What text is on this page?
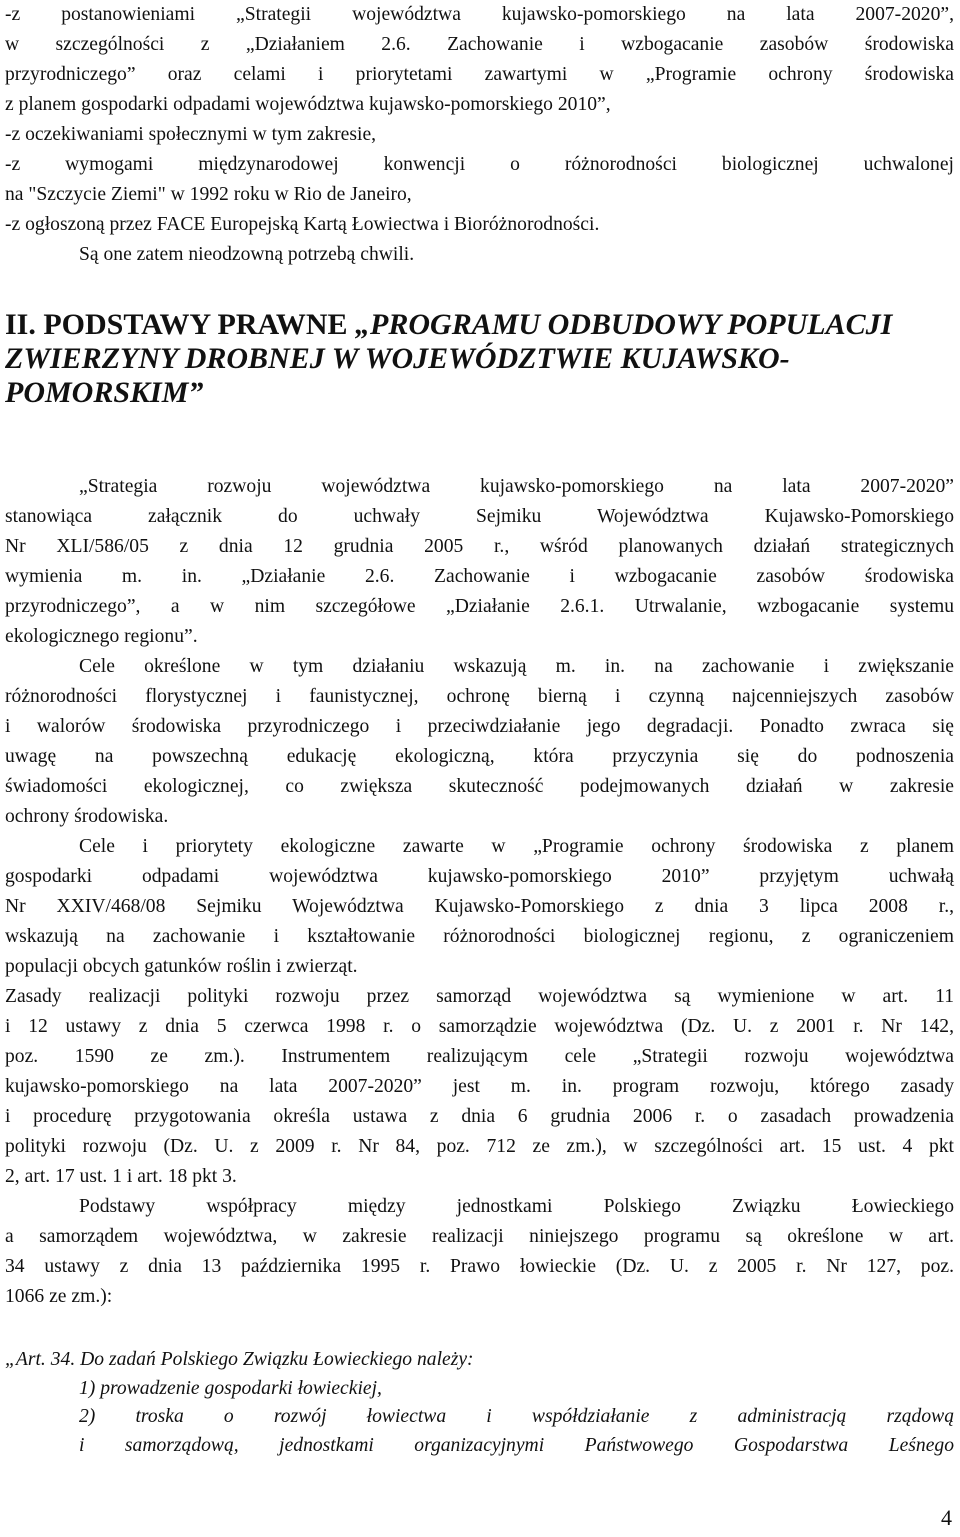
-z postanowieniami „Strategii województwa kujawsko-pomorskiego na lata 2007-2020”,
w szczególności z „Działaniem 2.6. Zachowanie i wzbogacanie zasobów środowiska
przyrodniczego” oraz celami i priorytetami zawartymi w „Programie ochrony środowiska
z planem gospodarki odpadami województwa kujawsko-pomorskiego 2010”,
-z oczekiwaniami społecznymi w tym zakresie,
-z wymogami międzynarodowej konwencji o różnorodności biologicznej uchwalonej
na "Szczycie Ziemi" w 1992 roku w Rio de Janeiro,
-z ogłoszoną przez FACE Europejską Kartą Łowiectwa i Bioróżnorodności.
Są one zatem nieodzowną potrzebą chwili.
II. PODSTAWY PRAWNE „PROGRAMU ODBUDOWY POPULACJI ZWIERZYNY DROBNEJ W WOJEWÓDZTWIE KUJAWSKO-POMORSKIM”
„Strategia rozwoju województwa kujawsko-pomorskiego na lata 2007-2020”
stanowiąca załącznik do uchwały Sejmiku Województwa Kujawsko-Pomorskiego
Nr XLI/586/05 z dnia 12 grudnia 2005 r., wśród planowanych działań strategicznych
wymienia m. in. „Działanie 2.6. Zachowanie i wzbogacanie zasobów środowiska
przyrodniczego”, a w nim szczegółowe „Działanie 2.6.1. Utrwalanie, wzbogacanie systemu
ekologicznego regionu”.
Cele określone w tym działaniu wskazują m. in. na zachowanie i zwiększanie
różnorodności florystycznej i faunistycznej, ochronę bierną i czynną najcenniejszych zasobów
i walorów środowiska przyrodniczego i przeciwdziałanie jego degradacji. Ponadto zwraca się
uwagę na powszechną edukację ekologiczną, która przyczynia się do podnoszenia
świadomości ekologicznej, co zwiększa skuteczność podejmowanych działań w zakresie
ochrony środowiska.
Cele i priorytety ekologiczne zawarte w „Programie ochrony środowiska z planem
gospodarki odpadami województwa kujawsko-pomorskiego 2010” przyjętym uchwałą
Nr XXIV/468/08 Sejmiku Województwa Kujawsko-Pomorskiego z dnia 3 lipca 2008 r.,
wskazują na zachowanie i kształtowanie różnorodności biologicznej regionu, z ograniczeniem
populacji obcych gatunków roślin i zwierząt.
Zasady realizacji polityki rozwoju przez samorząd województwa są wymienione w art. 11
i 12 ustawy z dnia 5 czerwca 1998 r. o samorządzie województwa (Dz. U. z 2001 r. Nr 142,
poz. 1590 ze zm.). Instrumentem realizującym cele „Strategii rozwoju województwa
kujawsko-pomorskiego na lata 2007-2020” jest m. in. program rozwoju, którego zasady
i procedurę przygotowania określa ustawa z dnia 6 grudnia 2006 r. o zasadach prowadzenia
polityki rozwoju (Dz. U. z 2009 r. Nr 84, poz. 712 ze zm.), w szczególności art. 15 ust. 4 pkt
2, art. 17 ust. 1 i art. 18 pkt 3.
Podstawy współpracy między jednostkami Polskiego Związku Łowieckiego
a samorządem województwa, w zakresie realizacji niniejszego programu są określone w art.
34 ustawy z dnia 13 października 1995 r. Prawo łowieckie (Dz. U. z 2005 r. Nr 127, poz.
1066 ze zm.):
„Art. 34. Do zadań Polskiego Związku Łowieckiego należy:
1) prowadzenie gospodarki łowieckiej,
2) troska o rozwój łowiectwa i współdziałanie z administracją rządową
i samorządową, jednostkami organizacyjnymi Państwowego Gospodarstwa Leśnego
4
